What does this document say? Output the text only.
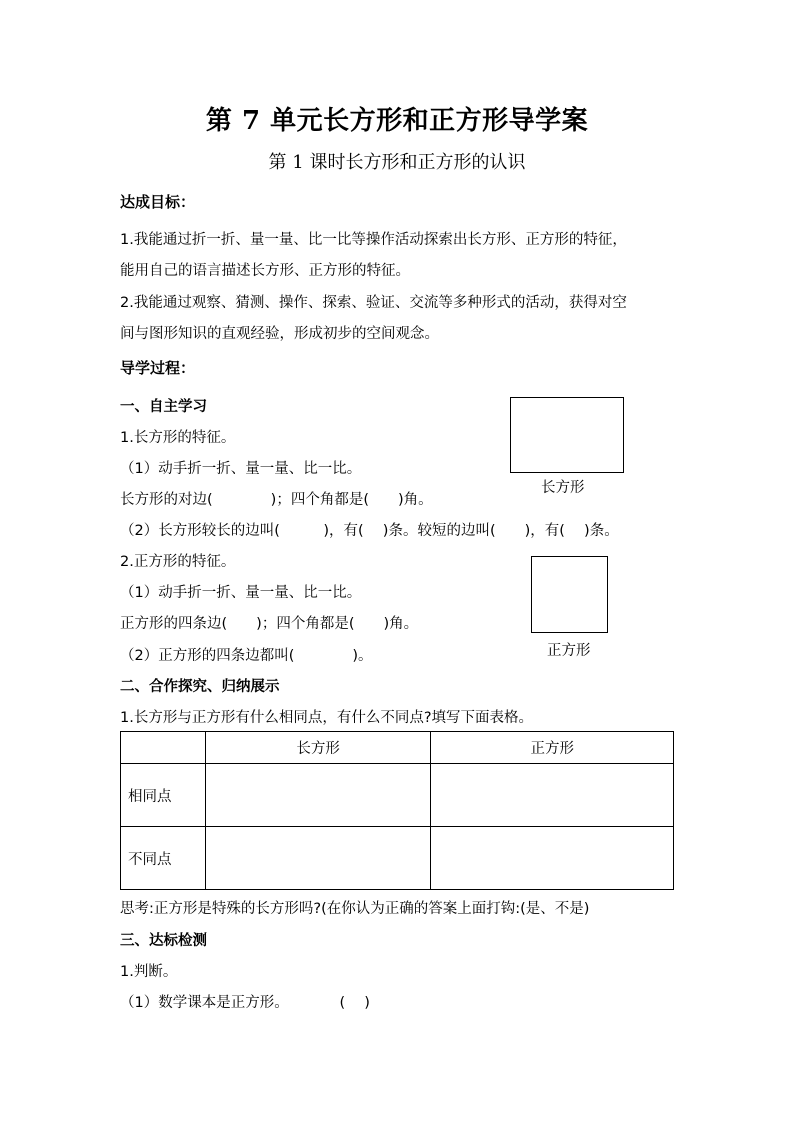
第 7 单元长方形和正方形导学案
第 1 课时长方形和正方形的认识
达成目标：
1.我能通过折一折、量一量、比一比等操作活动探索出长方形、正方形的特征，
能用自己的语言描述长方形、正方形的特征。
2.我能通过观察、猜测、操作、探索、验证、交流等多种形式的活动，获得对空
间与图形知识的直观经验，形成初步的空间观念。
导学过程：
一、自主学习
1.长方形的特征。
（1）动手折一折、量一量、比一比。
长方形的对边(　　　　)；四个角都是(　　)角。
（2）长方形较长的边叫(　　　)，有(　 )条。较短的边叫(　　)，有(　 )条。
长方形
2.正方形的特征。
（1）动手折一折、量一量、比一比。
正方形的四条边(　　)；四个角都是(　　)角。
（2）正方形的四条边都叫(　　　　)。	正方形
二、合作探究、归纳展示
1.长方形与正方形有什么相同点，有什么不同点?填写下面表格。
	长方形	正方形
相同点		
不同点		
思考:正方形是特殊的长方形吗?(在你认为正确的答案上面打钩:(是、不是)
三、达标检测
1.判断。
（1）数学课本是正方形。　　　　(　 )
